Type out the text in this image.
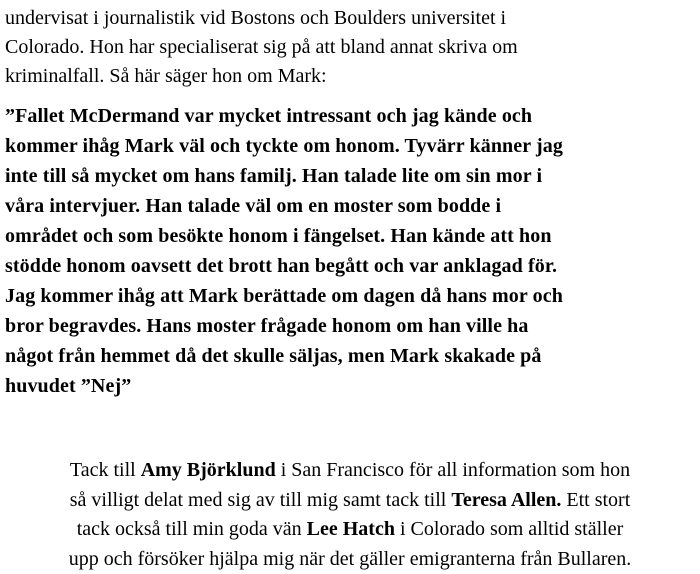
undervisat i journalistik vid Bostons och Boulders universitet i
Colorado. Hon har specialiserat sig på att bland annat skriva om
kriminalfall. Så här säger hon om Mark:

”Fallet McDermand var mycket intressant och jag kände och
kommer ihåg Mark väl och tyckte om honom. Tyvärr känner jag
inte till så mycket om hans familj. Han talade lite om sin mor i
våra intervjuer. Han talade väl om en moster som bodde i
området och som besökte honom i fängelset. Han kände att hon
stödde honom oavsett det brott han begått och var anklagad för.
Jag kommer ihåg att Mark berättade om dagen då hans mor och
bror begravdes. Hans moster frågade honom om han ville ha
något från hemmet då det skulle säljas, men Mark skakade på
huvudet ”Nej”

Tack till Amy Björklund i San Francisco för all information som hon
så villigt delat med sig av till mig samt tack till Teresa Allen. Ett stort
tack också till min goda vän Lee Hatch i Colorado som alltid ställer
upp och försöker hjälpa mig när det gäller emigranterna från Bullaren.
